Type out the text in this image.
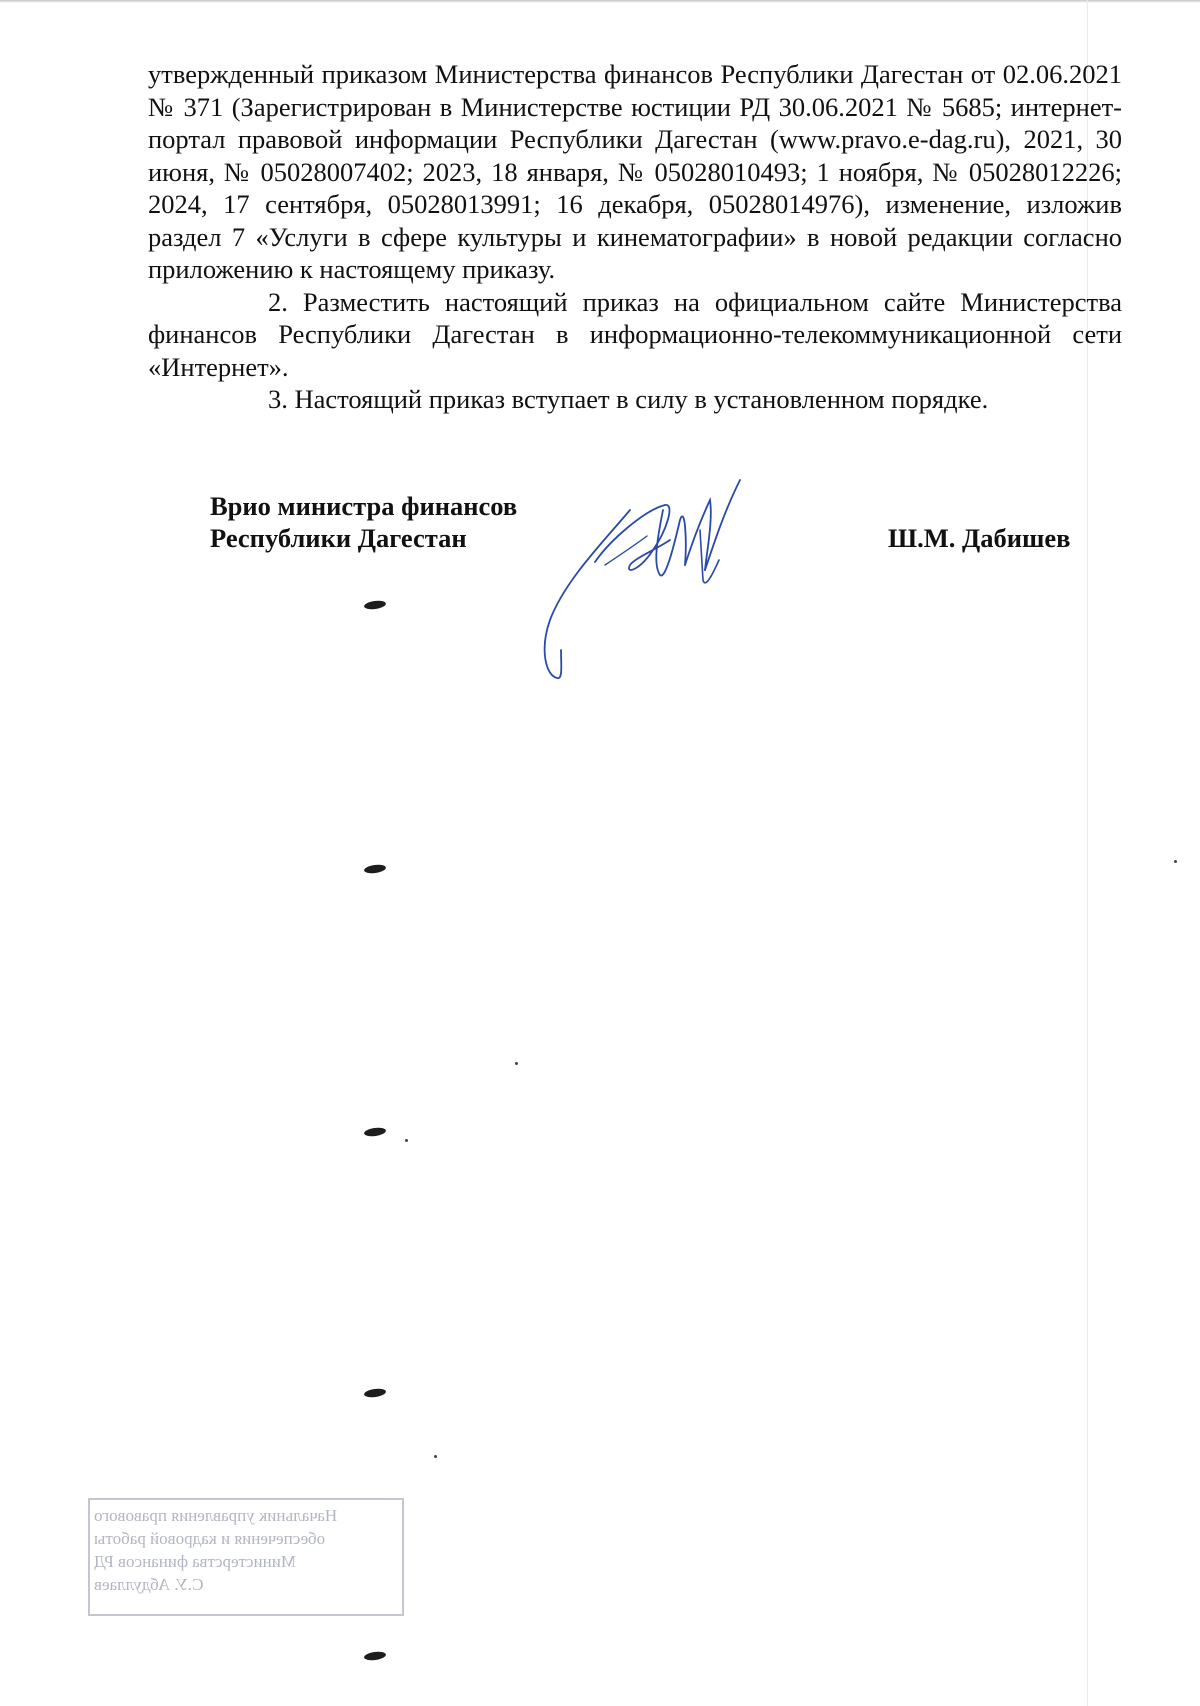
утвержденный приказом Министерства финансов Республики Дагестан от 02.06.2021 № 371 (Зарегистрирован в Министерстве юстиции РД 30.06.2021 № 5685; интернет-портал правовой информации Республики Дагестан (www.pravo.e-dag.ru), 2021, 30 июня, № 05028007402; 2023, 18 января, № 05028010493; 1 ноября, № 05028012226; 2024, 17 сентября, 05028013991; 16 декабря, 05028014976), изменение, изложив раздел 7 «Услуги в сфере культуры и кинематографии» в новой редакции согласно приложению к настоящему приказу.

2. Разместить настоящий приказ на официальном сайте Министерства финансов Республики Дагестан в информационно-телекоммуникационной сети «Интернет».

3. Настоящий приказ вступает в силу в установленном порядке.

Врио министра финансов
Республики Дагестан	Ш.М. Дабишев
Начальник управления правового
обеспечения и кадровой работы
Министерства финансов РД
С.У. Абдуллаев
